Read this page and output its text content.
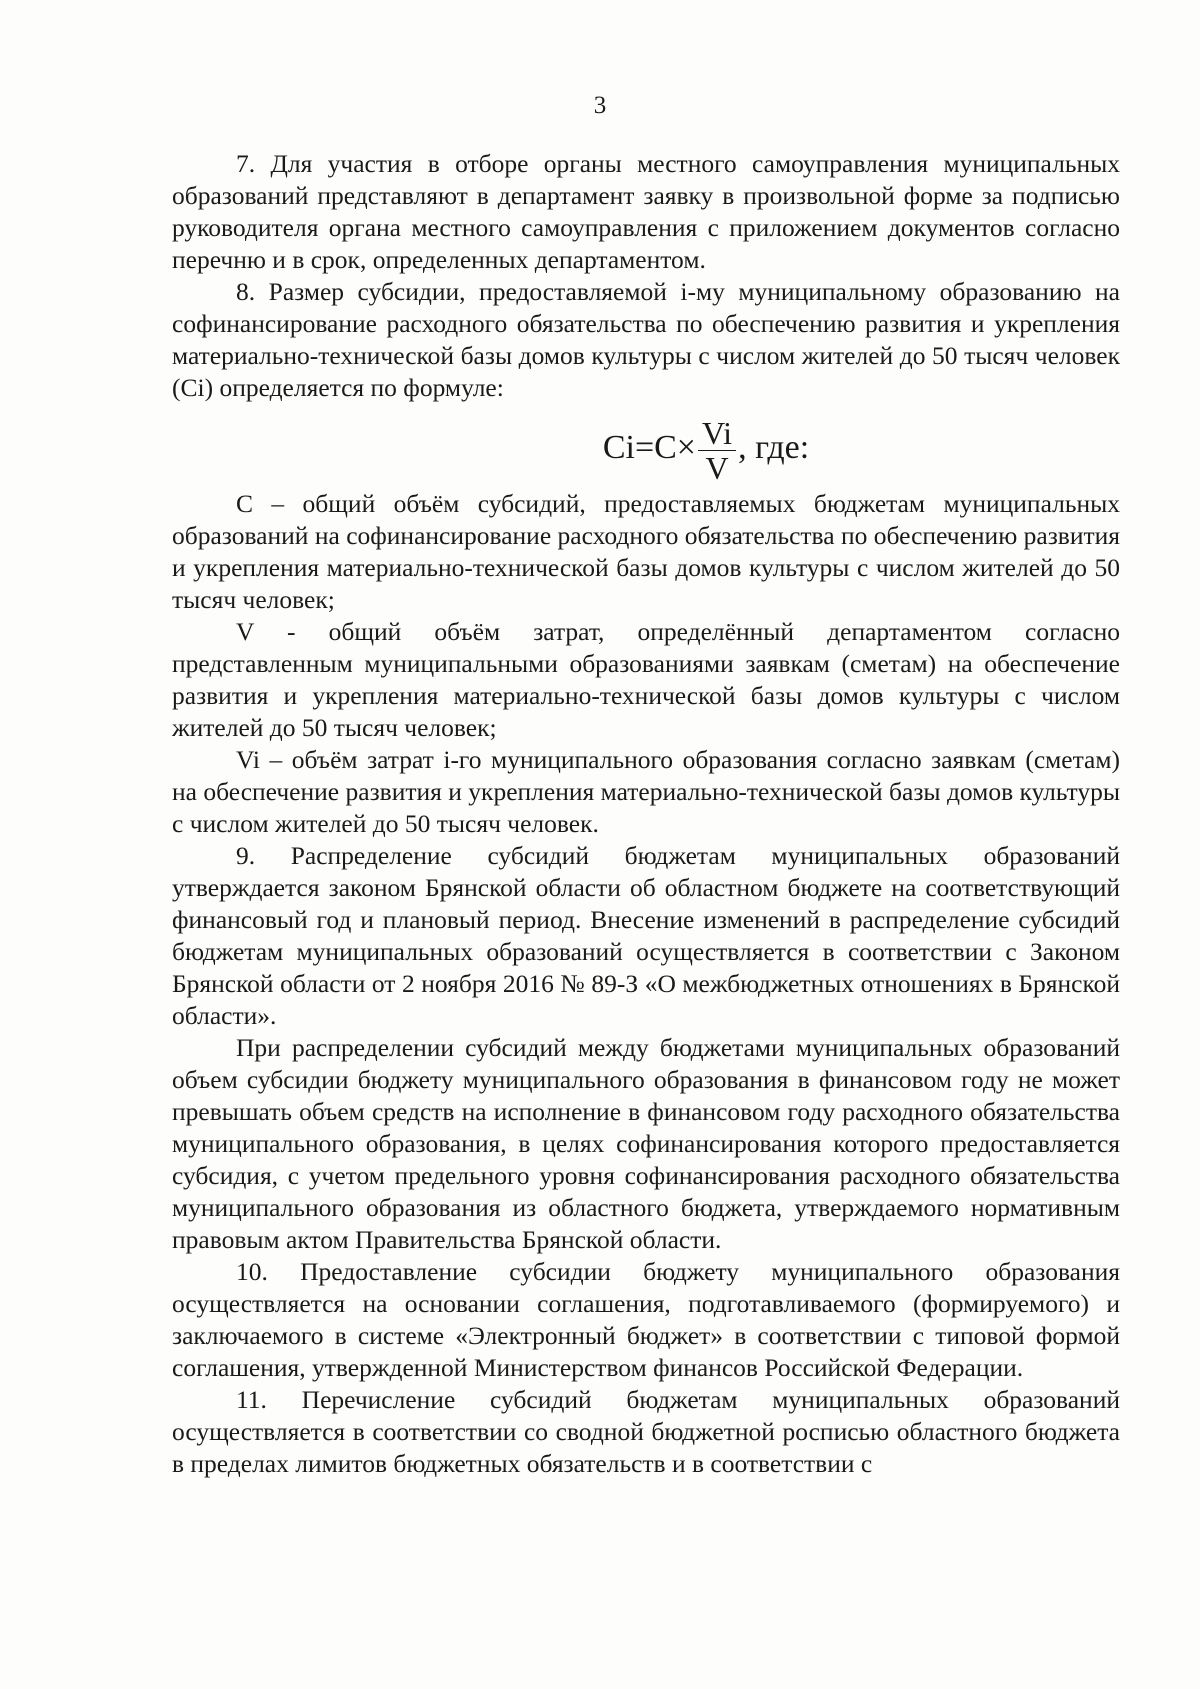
3

7. Для участия в отборе органы местного самоуправления муниципальных образований представляют в департамент заявку в произвольной форме за подписью руководителя органа местного самоуправления с приложением документов согласно перечню и в срок, определенных департаментом.

8. Размер субсидии, предоставляемой i-му муниципальному образованию на софинансирование расходного обязательства по обеспечению развития и укрепления материально-технической базы домов культуры с числом жителей до 50 тысяч человек (Ci) определяется по формуле:

$Ci=C\times \frac{Vi}{V}$ , где:

С – общий объём субсидий, предоставляемых бюджетам муниципальных образований на софинансирование расходного обязательства по обеспечению развития и укрепления материально-технической базы домов культуры с числом жителей до 50 тысяч человек;

V - общий объём затрат, определённый департаментом согласно представленным муниципальными образованиями заявкам (сметам) на обеспечение развития и укрепления материально-технической базы домов культуры с числом жителей до 50 тысяч человек;

Vi – объём затрат i-го муниципального образования согласно заявкам (сметам) на обеспечение развития и укрепления материально-технической базы домов культуры с числом жителей до 50 тысяч человек.

9. Распределение субсидий бюджетам муниципальных образований утверждается законом Брянской области об областном бюджете на соответствующий финансовый год и плановый период. Внесение изменений в распределение субсидий бюджетам муниципальных образований осуществляется в соответствии с Законом Брянской области от 2 ноября 2016 № 89-З «О межбюджетных отношениях в Брянской области».

При распределении субсидий между бюджетами муниципальных образований объем субсидии бюджету муниципального образования в финансовом году не может превышать объем средств на исполнение в финансовом году расходного обязательства муниципального образования, в целях софинансирования которого предоставляется субсидия, с учетом предельного уровня софинансирования расходного обязательства муниципального образования из областного бюджета, утверждаемого нормативным правовым актом Правительства Брянской области.

10. Предоставление субсидии бюджету муниципального образования осуществляется на основании соглашения, подготавливаемого (формируемого) и заключаемого в системе «Электронный бюджет» в соответствии с типовой формой соглашения, утвержденной Министерством финансов Российской Федерации.

11. Перечисление субсидий бюджетам муниципальных образований осуществляется в соответствии со сводной бюджетной росписью областного бюджета в пределах лимитов бюджетных обязательств и в соответствии с
